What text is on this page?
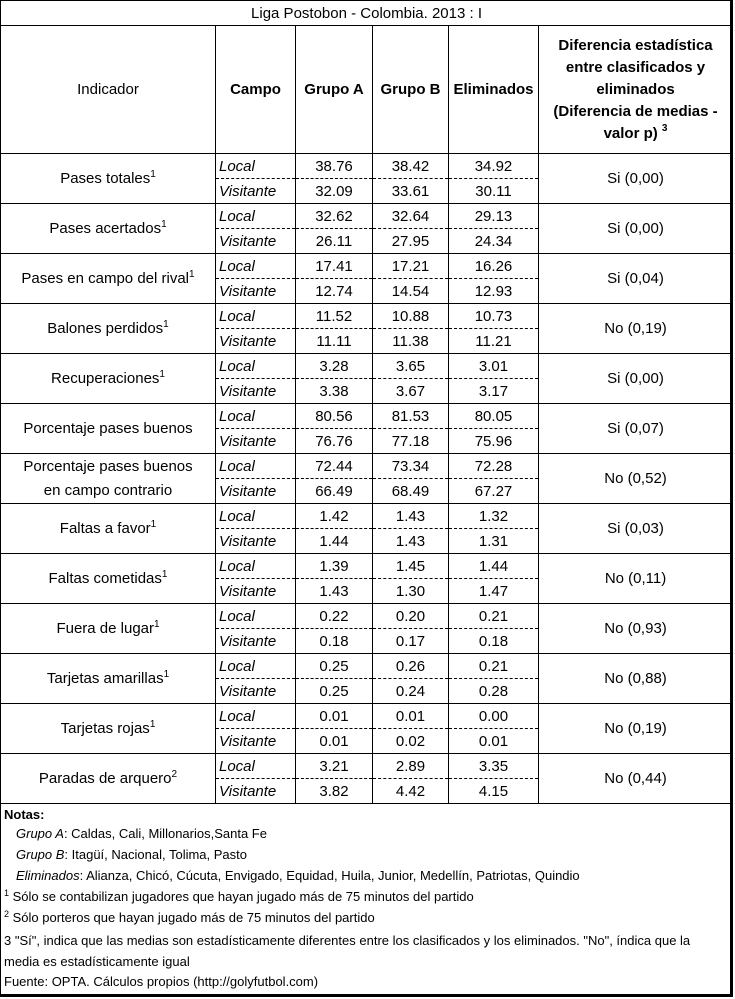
Liga Postobon - Colombia. 2013 : I					
Indicador	Campo	Grupo A	Grupo B	Eliminados	Diferencia estadística
entre clasificados y
eliminados
(Diferencia de medias -
valor p) $^3$
Pases totales$^1$	Local	38.76	38.42	34.92	Si (0,00)
	Visitante	32.09	33.61	30.11	
Pases acertados$^1$	Local	32.62	32.64	29.13	Si (0,00)
	Visitante	26.11	27.95	24.34	
Pases en campo del rival$^1$	Local	17.41	17.21	16.26	Si (0,04)
	Visitante	12.74	14.54	12.93	
Balones perdidos$^1$	Local	11.52	10.88	10.73	No (0,19)
	Visitante	11.11	11.38	11.21	
Recuperaciones$^1$	Local	3.28	3.65	3.01	Si (0,00)
	Visitante	3.38	3.67	3.17	
Porcentaje pases buenos	Local	80.56	81.53	80.05	Si (0,07)
	Visitante	76.76	77.18	75.96	
Porcentaje pases buenos
en campo contrario	Local	72.44	73.34	72.28	No (0,52)
	Visitante	66.49	68.49	67.27	
Faltas a favor$^1$	Local	1.42	1.43	1.32	Si (0,03)
	Visitante	1.44	1.43	1.31	
Faltas cometidas$^1$	Local	1.39	1.45	1.44	No (0,11)
	Visitante	1.43	1.30	1.47	
Fuera de lugar$^1$	Local	0.22	0.20	0.21	No (0,93)
	Visitante	0.18	0.17	0.18	
Tarjetas amarillas$^1$	Local	0.25	0.26	0.21	No (0,88)
	Visitante	0.25	0.24	0.28	
Tarjetas rojas$^1$	Local	0.01	0.01	0.00	No (0,19)
	Visitante	0.01	0.02	0.01	
Paradas de arquero$^2$	Local	3.21	2.89	3.35	No (0,44)
	Visitante	3.82	4.42	4.15	
Notas:
Grupo A: Caldas, Cali, Millonarios,Santa Fe
Grupo B: Itagüí, Nacional, Tolima, Pasto
Eliminados: Alianza, Chicó, Cúcuta, Envigado, Equidad, Huila, Junior, Medellín, Patriotas, Quindio
$^1$ Sólo se contabilizan jugadores que hayan jugado más de 75 minutos del partido
$^2$ Sólo porteros que hayan jugado más de 75 minutos del partido
3 "Sí", indica que las medias son estadísticamente diferentes entre los clasificados y los eliminados. "No", índica que la media es estadísticamente igual
Fuente: OPTA. Cálculos propios (http://golyfutbol.com)
